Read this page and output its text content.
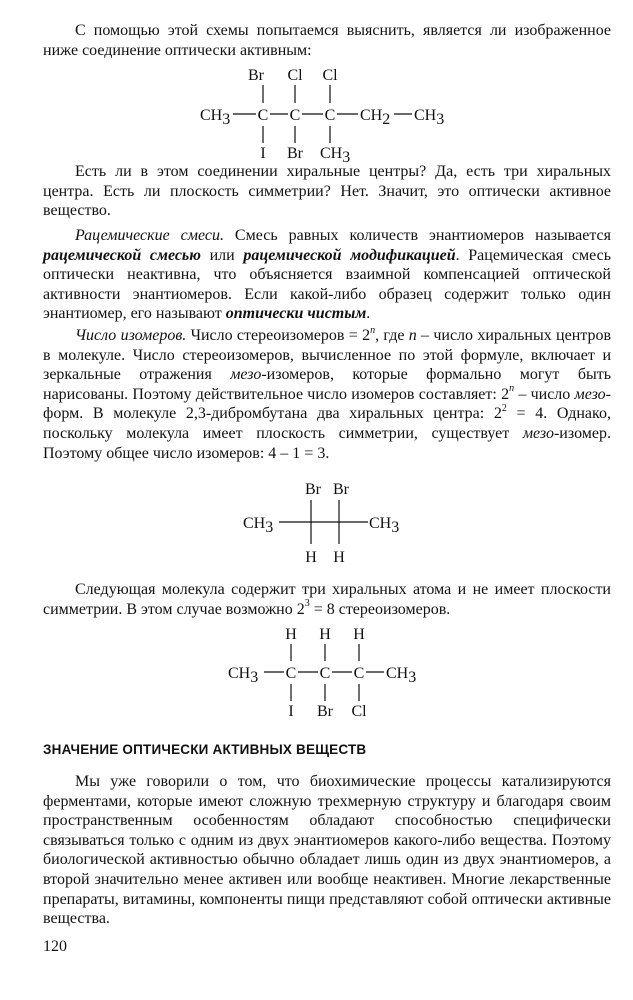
С помощью этой схемы попытаемся выяснить, является ли изображенное ниже соединение оптически активным:

Br Cl Cl
CH3 C C C CH2 CH3
I Br CH3

Есть ли в этом соединении хиральные центры? Да, есть три хиральных центра. Есть ли плоскость симметрии? Нет. Значит, это оптически активное вещество.

Рацемические смеси. Смесь равных количеств энантиомеров называется рацемической смесью или рацемической модификацией. Рацемическая смесь оптически неактивна, что объясняется взаимной компенсацией оптической активности энантиомеров. Если какой-либо образец содержит только один энантиомер, его называют оптически чистым.

Число изомеров. Число стереоизомеров = $2^n$, где n – число хиральных центров в молекуле. Число стереоизомеров, вычисленное по этой формуле, включает и зеркальные отражения мезо-изомеров, которые формально могут быть нарисованы. Поэтому действительное число изомеров составляет: 2$^n$ – число мезо-форм. В молекуле 2,3-дибромбутана два хиральных центра: $2^2 = 4$. Однако, поскольку молекула имеет плоскость симметрии, существует мезо-изомер. Поэтому общее число изомеров: 4 – 1 = 3.

Br Br
CH3	CH3
H H

Следующая молекула содержит три хиральных атома и не имеет плоскости симметрии. В этом случае возможно $2^3 = 8$ стереоизомеров.

H H H
CH3 C C C CH3
I Br Cl
ЗНАЧЕНИЕ ОПТИЧЕСКИ АКТИВНЫХ ВЕЩЕСТВ

Мы уже говорили о том, что биохимические процессы катализируются ферментами, которые имеют сложную трехмерную структуру и благодаря своим пространственным особенностям обладают способностью специфически связываться только с одним из двух энантиомеров какого-либо вещества. Поэтому биологической активностью обычно обладает лишь один из двух энантиомеров, а второй значительно менее активен или вообще неактивен. Многие лекарственные препараты, витамины, компоненты пищи представляют собой оптически активные вещества.

120
